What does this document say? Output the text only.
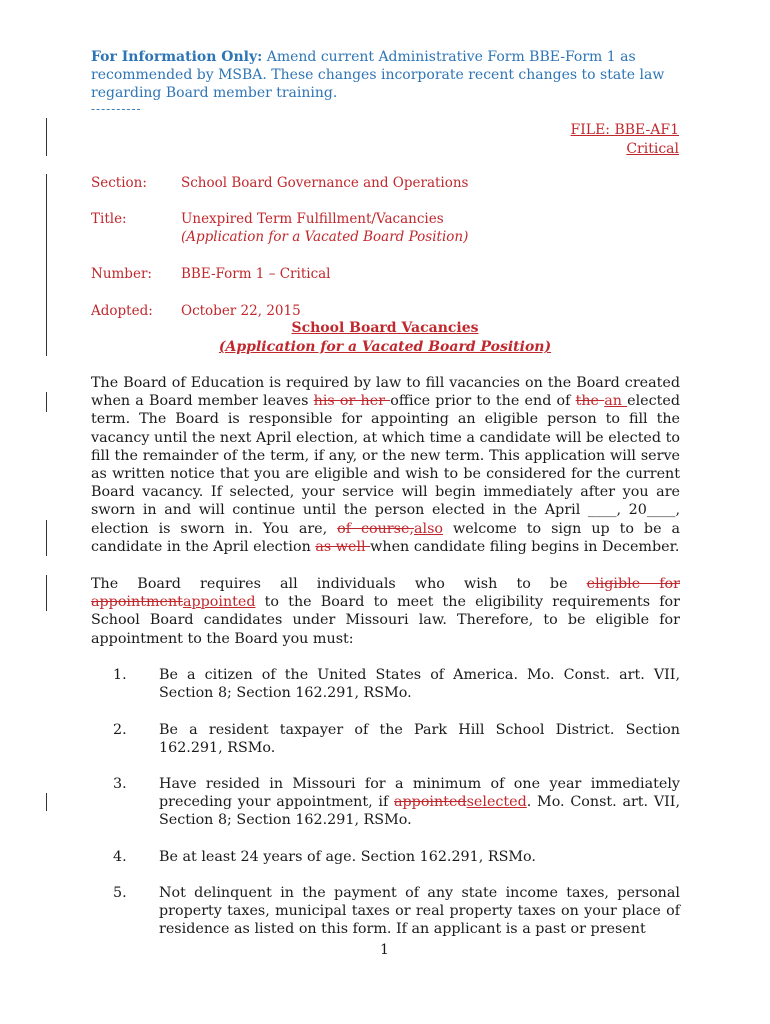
For Information Only: Amend current Administrative Form BBE-Form 1 as recommended by MSBA. These changes incorporate recent changes to state law regarding Board member training.
----------
FILE: BBE-AF1
Critical
Section:	School Board Governance and Operations
Title:	Unexpired Term Fulfillment/Vacancies
(Application for a Vacated Board Position)
Number:	BBE-Form 1 – Critical
Adopted:	October 22, 2015
School Board Vacancies
(Application for a Vacated Board Position)
The Board of Education is required by law to fill vacancies on the Board created when a Board member leaves his or her office prior to the end of the an elected term. The Board is responsible for appointing an eligible person to fill the vacancy until the next April election, at which time a candidate will be elected to fill the remainder of the term, if any, or the new term. This application will serve as written notice that you are eligible and wish to be considered for the current Board vacancy. If selected, your service will begin immediately after you are sworn in and will continue until the person elected in the April ____, 20____, election is sworn in. You are, of course,also welcome to sign up to be a candidate in the April election as well when candidate filing begins in December.
The Board requires all individuals who wish to be eligible for appointmentappointed to the Board to meet the eligibility requirements for School Board candidates under Missouri law. Therefore, to be eligible for appointment to the Board you must:
1. Be a citizen of the United States of America. Mo. Const. art. VII, Section 8; Section 162.291, RSMo.
2. Be a resident taxpayer of the Park Hill School District. Section 162.291, RSMo.
3. Have resided in Missouri for a minimum of one year immediately preceding your appointment, if appointedselected. Mo. Const. art. VII, Section 8; Section 162.291, RSMo.
4. Be at least 24 years of age. Section 162.291, RSMo.
5. Not delinquent in the payment of any state income taxes, personal property taxes, municipal taxes or real property taxes on your place of residence as listed on this form. If an applicant is a past or present
1
